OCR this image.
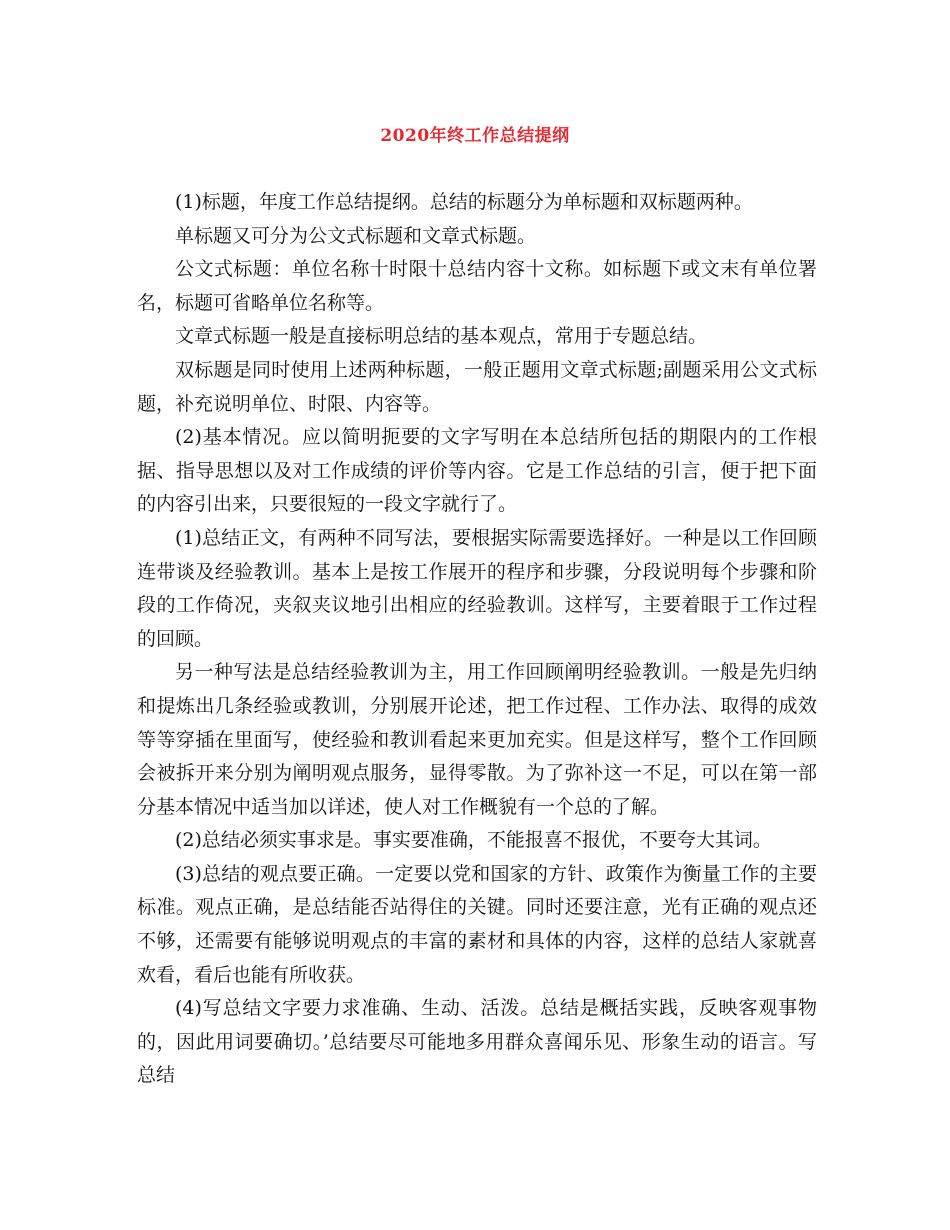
2020年终工作总结提纲

(1)标题，年度工作总结提纲。总结的标题分为单标题和双标题两种。

单标题又可分为公文式标题和文章式标题。

公文式标题：单位名称十时限十总结内容十文称。如标题下或文末有单位署名，标题可省略单位名称等。

文章式标题一般是直接标明总结的基本观点，常用于专题总结。

双标题是同时使用上述两种标题，一般正题用文章式标题;副题采用公文式标题，补充说明单位、时限、内容等。

(2)基本情况。应以简明扼要的文字写明在本总结所包括的期限内的工作根据、指导思想以及对工作成绩的评价等内容。它是工作总结的引言，便于把下面的内容引出来，只要很短的一段文字就行了。

(1)总结正文，有两种不同写法，要根据实际需要选择好。一种是以工作回顾连带谈及经验教训。基本上是按工作展开的程序和步骤，分段说明每个步骤和阶段的工作倚况，夹叙夹议地引出相应的经验教训。这样写，主要着眼于工作过程的回顾。

另一种写法是总结经验教训为主，用工作回顾阐明经验教训。一般是先归纳和提炼出几条经验或教训，分别展开论述，把工作过程、工作办法、取得的成效等等穿插在里面写，使经验和教训看起来更加充实。但是这样写，整个工作回顾会被拆开来分别为阐明观点服务，显得零散。为了弥补这一不足，可以在第一部分基本情况中适当加以详述，使人对工作概貌有一个总的了解。

(2)总结必须实事求是。事实要准确，不能报喜不报优，不要夸大其词。

(3)总结的观点要正确。一定要以党和国家的方针、政策作为衡量工作的主要标准。观点正确，是总结能否站得住的关键。同时还要注意，光有正确的观点还不够，还需要有能够说明观点的丰富的素材和具体的内容，这样的总结人家就喜欢看，看后也能有所收获。

(4)写总结文字要力求准确、生动、活泼。总结是概括实践，反映客观事物的，因此用词要确切。’总结要尽可能地多用群众喜闻乐见、形象生动的语言。写总结
